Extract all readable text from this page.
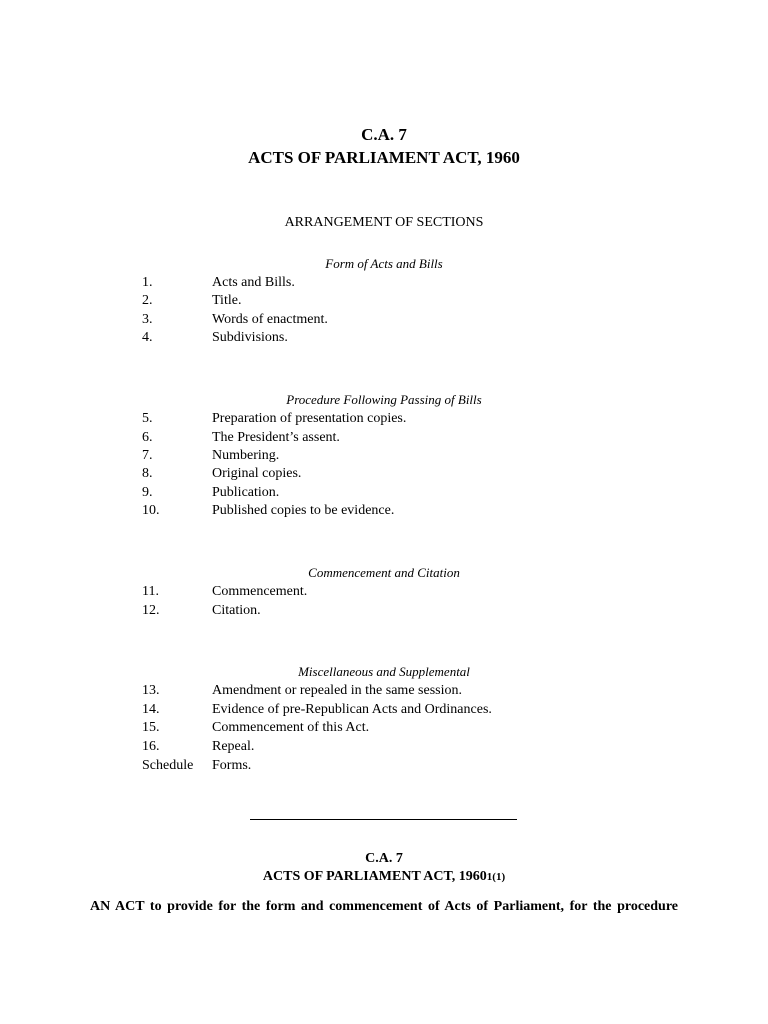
C.A. 7
ACTS OF PARLIAMENT ACT, 1960
ARRANGEMENT OF SECTIONS
Form of Acts and Bills
1.	Acts and Bills.
2.	Title.
3.	Words of enactment.
4.	Subdivisions.
Procedure Following Passing of Bills
5.	Preparation of presentation copies.
6.	The President’s assent.
7.	Numbering.
8.	Original copies.
9.	Publication.
10.	Published copies to be evidence.
Commencement and Citation
11.	Commencement.
12.	Citation.
Miscellaneous and Supplemental
13.	Amendment or repealed in the same session.
14.	Evidence of pre-Republican Acts and Ordinances.
15.	Commencement of this Act.
16.	Repeal.
Schedule Forms.
C.A. 7
ACTS OF PARLIAMENT ACT, 19601(1)
AN ACT to provide for the form and commencement of Acts of Parliament, for the procedure
